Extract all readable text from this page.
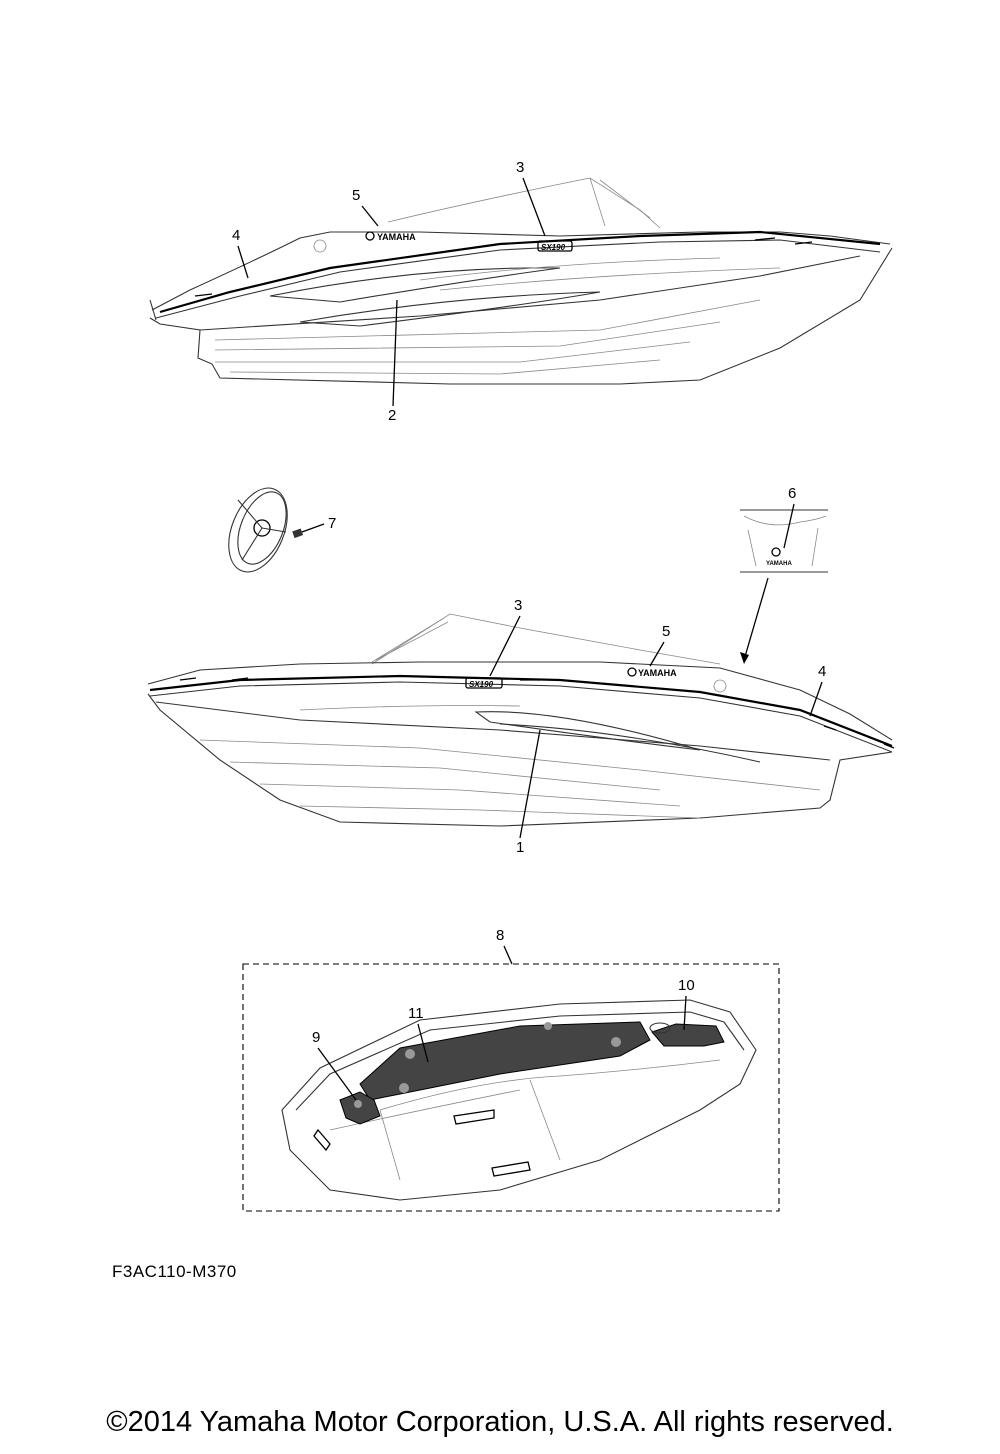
SX190
YAMAHA
5
3
4
2
7
YAMAHA
6
SX190
YAMAHA
3
5
4
1
8
9
10
11
F3AC110-M370
©2014 Yamaha Motor Corporation, U.S.A. All rights reserved.
